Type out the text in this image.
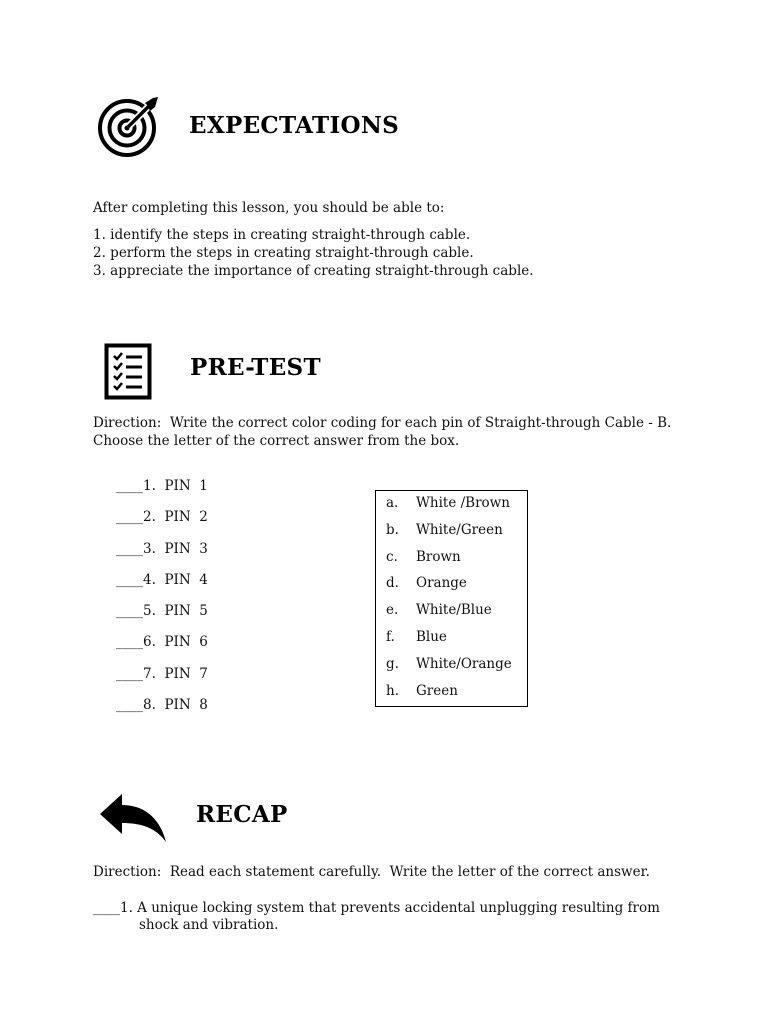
EXPECTATIONS
After completing this lesson, you should be able to:
1. identify the steps in creating straight-through cable.
2. perform the steps in creating straight-through cable.
3. appreciate the importance of creating straight-through cable.
PRE-TEST
Direction:  Write the correct color coding for each pin of Straight-through Cable - B.
Choose the letter of the correct answer from the box.
____1.  PIN  1
____2.  PIN  2
____3.  PIN  3
____4.  PIN  4
____5.  PIN  5
____6.  PIN  6
____7.  PIN  7
____8.  PIN  8
a.	White /Brown
b.	White/Green
c.	Brown
d.	Orange
e.	White/Blue
f.	Blue
g.	White/Orange
h.	Green
RECAP
Direction:  Read each statement carefully.  Write the letter of the correct answer.
____1. A unique locking system that prevents accidental unplugging resulting from
shock and vibration.
